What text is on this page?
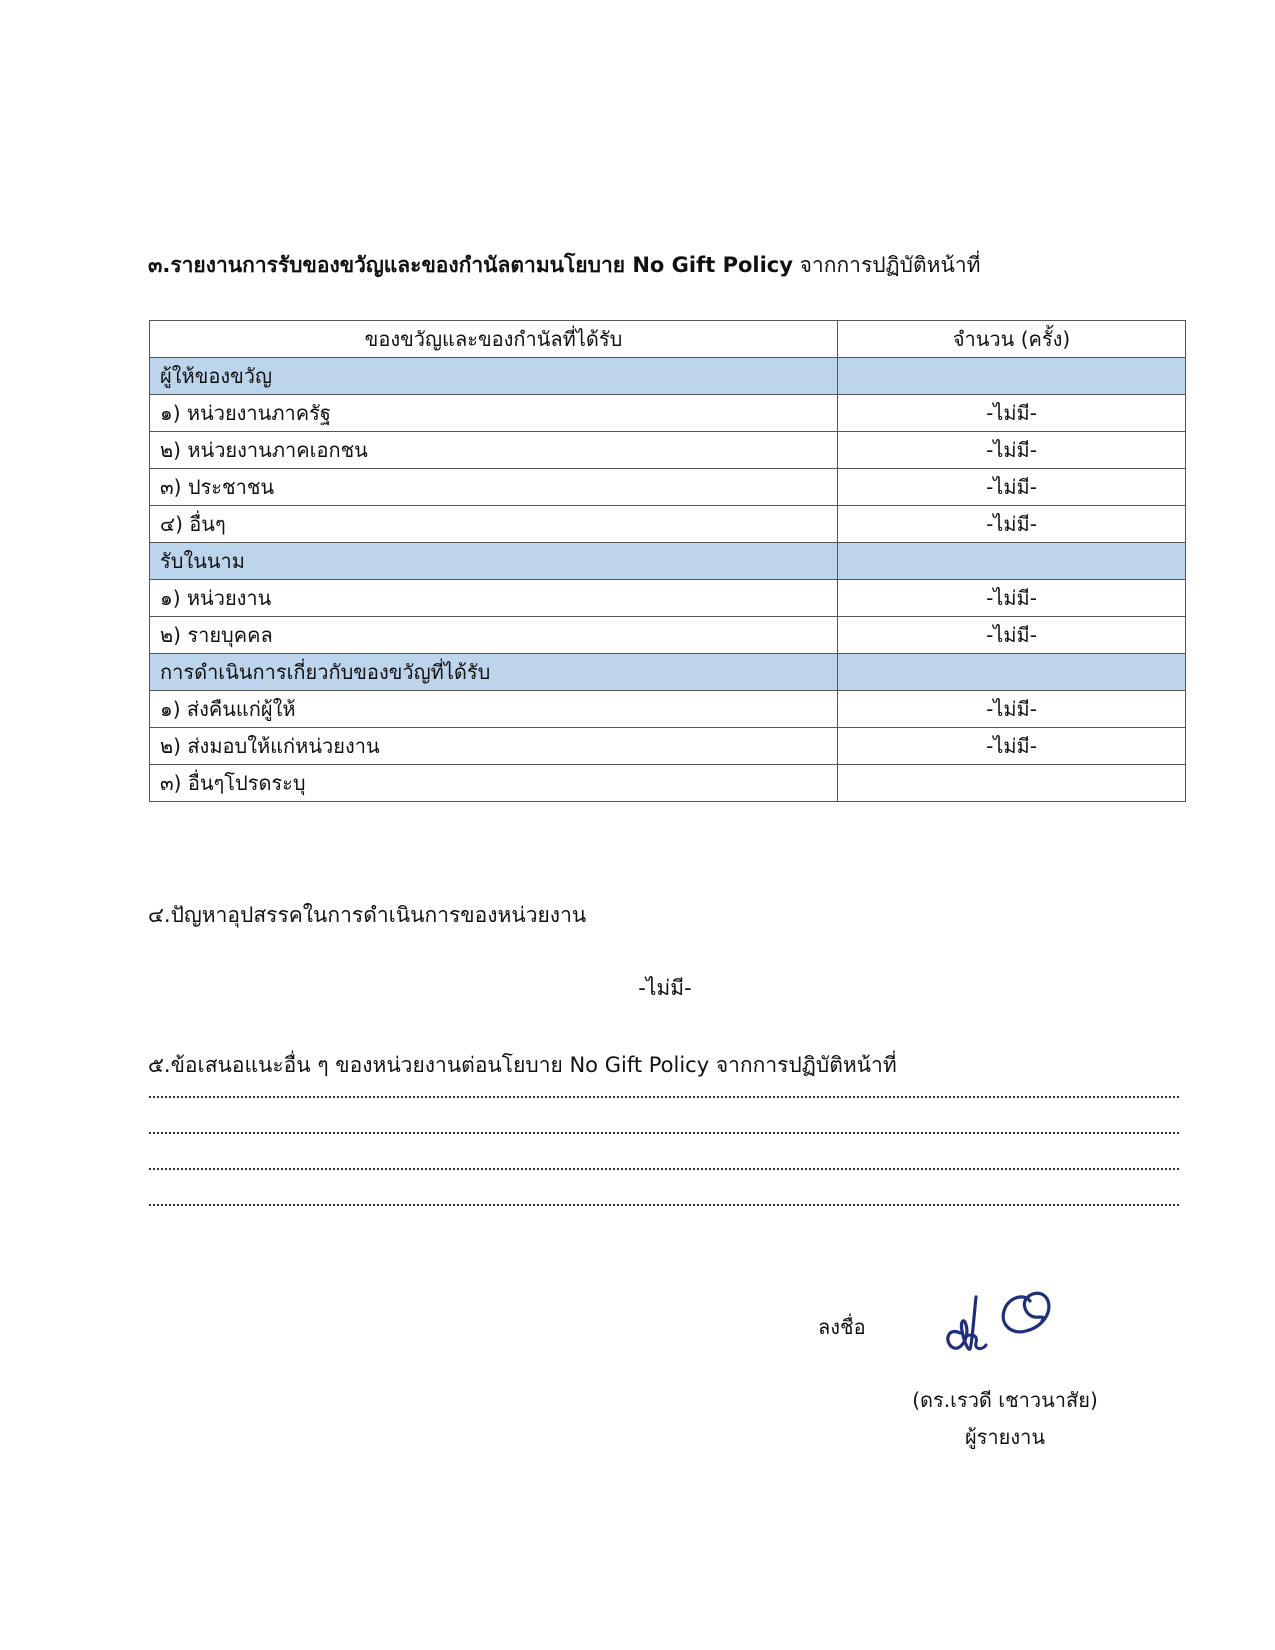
๓.รายงานการรับของขวัญและของกำนัลตามนโยบาย No Gift Policy จากการปฏิบัติหน้าที่
ของขวัญและของกำนัลที่ได้รับ	จำนวน (ครั้ง)
ผู้ให้ของขวัญ	
๑) หน่วยงานภาครัฐ	-ไม่มี-
๒) หน่วยงานภาคเอกชน	-ไม่มี-
๓) ประชาชน	-ไม่มี-
๔) อื่นๆ	-ไม่มี-
รับในนาม	
๑) หน่วยงาน	-ไม่มี-
๒) รายบุคคล	-ไม่มี-
การดำเนินการเกี่ยวกับของขวัญที่ได้รับ	
๑) ส่งคืนแก่ผู้ให้	-ไม่มี-
๒) ส่งมอบให้แก่หน่วยงาน	-ไม่มี-
๓) อื่นๆโปรดระบุ	
๔.ปัญหาอุปสรรคในการดำเนินการของหน่วยงาน
-ไม่มี-
๕.ข้อเสนอแนะอื่น ๆ ของหน่วยงานต่อนโยบาย No Gift Policy จากการปฏิบัติหน้าที่
ลงชื่อ
(ดร.เรวดี เชาวนาสัย)
ผู้รายงาน
